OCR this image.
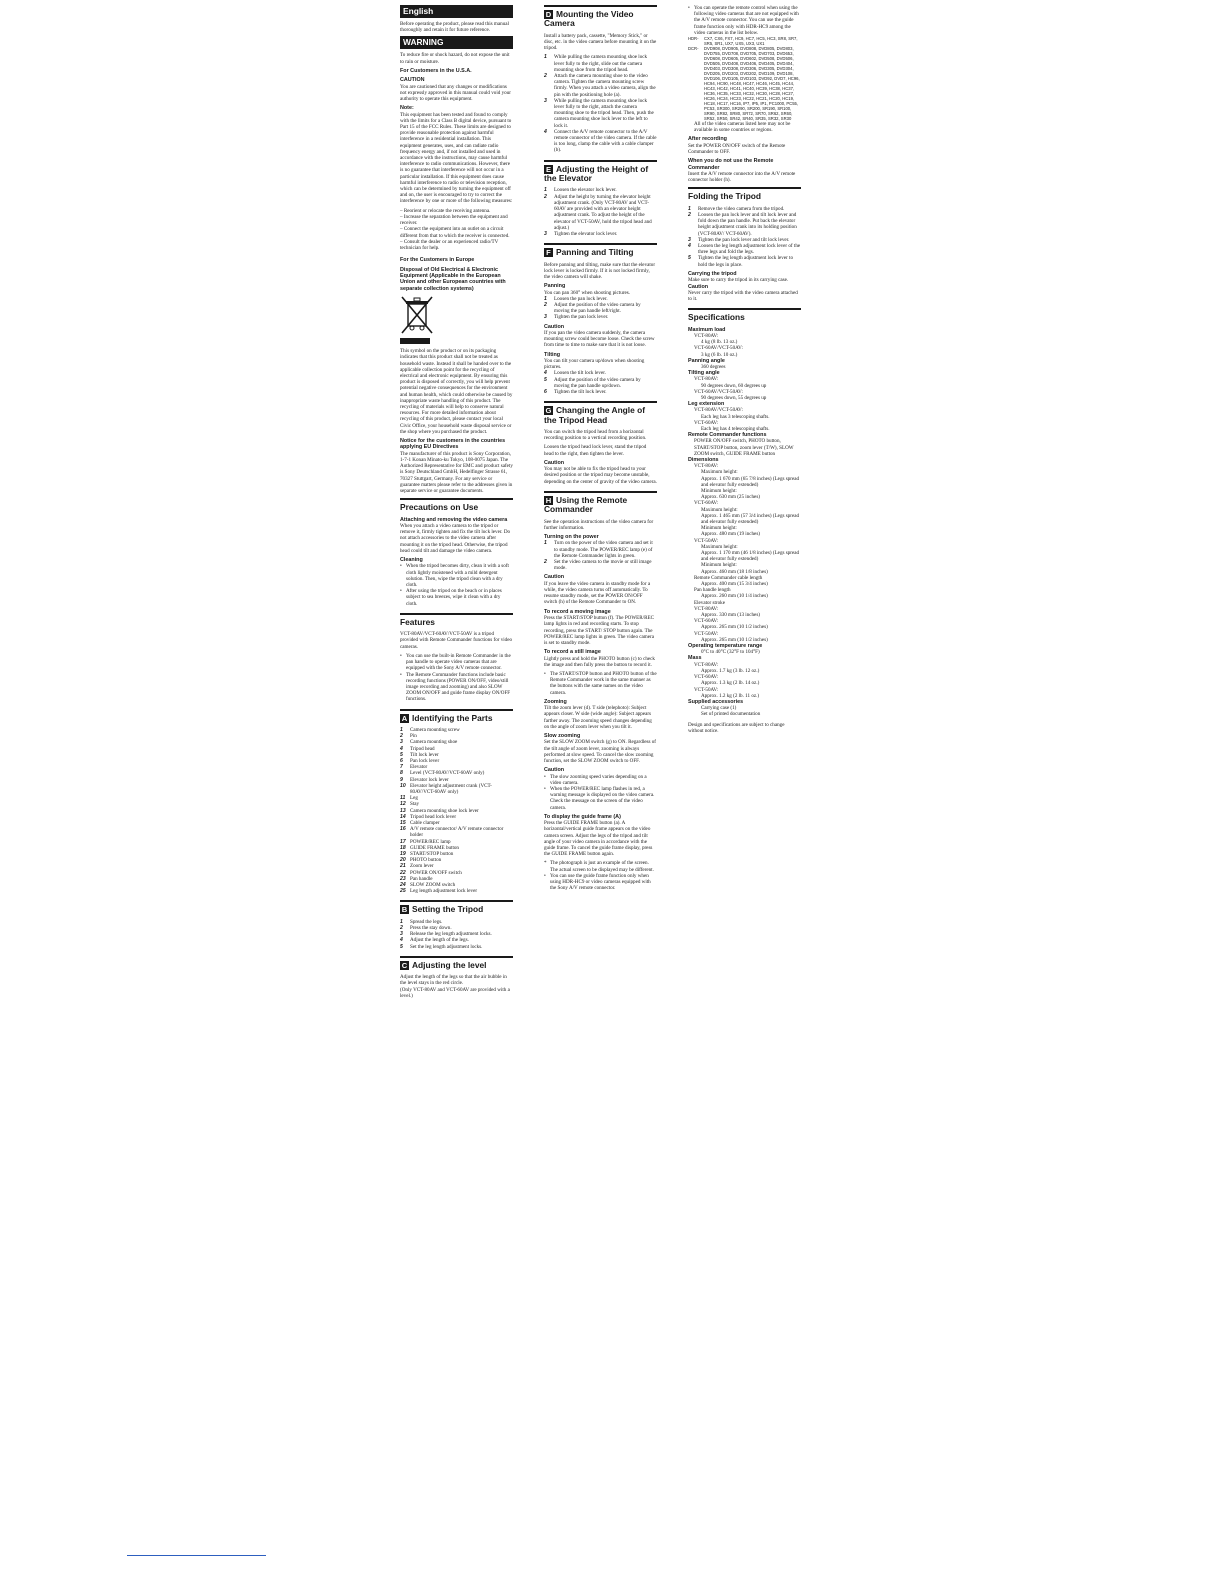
English

Before operating the product, please read this manual thoroughly and retain it for future reference.

WARNING

To reduce fire or shock hazard, do not expose the unit to rain or moisture.

For Customers in the U.S.A.
CAUTION

You are cautioned that any changes or modifications not expressly approved in this manual could void your authority to operate this equipment.

Note:

This equipment has been tested and found to comply with the limits for a Class B digital device, pursuant to Part 15 of the FCC Rules. These limits are designed to provide reasonable protection against harmful interference in a residential installation. This equipment generates, uses, and can radiate radio frequency energy and, if not installed and used in accordance with the instructions, may cause harmful interference to radio communications. However, there is no guarantee that interference will not occur in a particular installation. If this equipment does cause harmful interference to radio or television reception, which can be determined by turning the equipment off and on, the user is encouraged to try to correct the interference by one or more of the following measures:

– Reorient or relocate the receiving antenna.
– Increase the separation between the equipment and receiver.
– Connect the equipment into an outlet on a circuit different from that to which the receiver is connected.
– Consult the dealer or an experienced radio/TV technician for help.
For the Customers in Europe
Disposal of Old Electrical & Electronic Equipment (Applicable in the European Union and other European countries with separate collection systems)

This symbol on the product or on its packaging indicates that this product shall not be treated as household waste. Instead it shall be handed over to the applicable collection point for the recycling of electrical and electronic equipment. By ensuring this product is disposed of correctly, you will help prevent potential negative consequences for the environment and human health, which could otherwise be caused by inappropriate waste handling of this product. The recycling of materials will help to conserve natural resources. For more detailed information about recycling of this product, please contact your local Civic Office, your household waste disposal service or the shop where you purchased the product.

Notice for the customers in the countries applying EU Directives

The manufacturer of this product is Sony Corporation, 1-7-1 Konan Minato-ku Tokyo, 108-0075 Japan. The Authorized Representative for EMC and product safety is Sony Deutschland GmbH, Hedelfinger Strasse 61, 70327 Stuttgart, Germany. For any service or guarantee matters please refer to the addresses given in separate service or guarantee documents.

Precautions on Use
Attaching and removing the video camera

When you attach a video camera to the tripod or remove it, firmly tighten and fix the tilt lock lever. Do not attach accessories to the video camera after mounting it on the tripod head. Otherwise, the tripod head could tilt and damage the video camera.

Cleaning
• When the tripod becomes dirty, clean it with a soft cloth lightly moistened with a mild detergent solution. Then, wipe the tripod clean with a dry cloth.
• After using the tripod on the beach or in places subject to sea breezes, wipe it clean with a dry cloth.
Features

VCT-80AV/VCT-60AV/VCT-50AV is a tripod provided with Remote Commander functions for video cameras.

• You can use the built-in Remote Commander in the pan handle to operate video cameras that are equipped with the Sony A/V remote connector.
• The Remote Commander functions include basic recording functions (POWER ON/OFF, video/still image recording and zooming) and also SLOW ZOOM ON/OFF and guide frame display ON/OFF functions.
A Identifying the Parts
1	Camera mounting screw
2	Pin
3	Camera mounting shoe
4	Tripod head
5	Tilt lock lever
6	Pan lock lever
7	Elevator
8	Level (VCT-80AV/VCT-60AV only)
9	Elevator lock lever
10 Elevator height adjustment crank (VCT-80AV/VCT-60AV only)
11 Leg
12 Stay
13 Camera mounting shoe lock lever
14 Tripod head lock lever
15 Cable clamper
16 A/V remote connector/ A/V remote connector holder
17 POWER/REC lamp
18 GUIDE FRAME button
19 START/STOP button
20 PHOTO button
21 Zoom lever
22 POWER ON/OFF switch
23 Pan handle
24 SLOW ZOOM switch
25 Leg length adjustment lock lever
B Setting the Tripod
1	Spread the legs.
2	Press the stay down.
3	Release the leg length adjustment locks.
4	Adjust the length of the legs.
5	Set the leg length adjustment locks.
C Adjusting the level

Adjust the length of the legs so that the air bubble in the level stays in the red circle.

(Only VCT-80AV and VCT-60AV are provided with a level.)

D Mounting the Video Camera

Install a battery pack, cassette, "Memory Stick," or disc, etc. in the video camera before mounting it on the tripod.

1	While pulling the camera mounting shoe lock lever fully to the right, slide out the camera mounting shoe from the tripod head.
2	Attach the camera mounting shoe to the video camera. Tighten the camera mounting screw firmly. When you attach a video camera, align the pin with the positioning hole (a).
3	While pulling the camera mounting shoe lock lever fully to the right, attach the camera mounting shoe to the tripod head. Then, push the camera mounting shoe lock lever to the left to lock it.
4	Connect the A/V remote connector to the A/V remote connector of the video camera. If the cable is too long, clamp the cable with a cable clamper (b).
E Adjusting the Height of the Elevator
1	Loosen the elevator lock lever.
2	Adjust the height by turning the elevator height adjustment crank. (Only VCT-80AV and VCT-60AV are provided with an elevator height adjustment crank. To adjust the height of the elevator of VCT-50AV, hold the tripod head and adjust.)
3	Tighten the elevator lock lever.
F Panning and Tilting

Before panning and tilting, make sure that the elevator lock lever is locked firmly. If it is not locked firmly, the video camera will shake.

Panning

You can pan 360° when shooting pictures.

1	Loosen the pan lock lever.
2	Adjust the position of the video camera by moving the pan handle left/right.
3	Tighten the pan lock lever.
Caution

If you pan the video camera suddenly, the camera mounting screw could become loose. Check the screw from time to time to make sure that it is not loose.

Tilting

You can tilt your camera up/down when shooting pictures.

4	Loosen the tilt lock lever.
5	Adjust the position of the video camera by moving the pan handle up/down.
6	Tighten the tilt lock lever.
G Changing the Angle of the Tripod Head

You can switch the tripod head from a horizontal recording position to a vertical recording position.

Loosen the tripod head lock lever, stand the tripod head to the right, then tighten the lever.

Caution

You may not be able to fix the tripod head to your desired position or the tripod may become unstable, depending on the center of gravity of the video camera.

H Using the Remote Commander

See the operation instructions of the video camera for further information.

Turning on the power
1	Turn on the power of the video camera and set it to standby mode. The POWER/REC lamp (e) of the Remote Commander lights in green.
2	Set the video camera to the movie or still image mode.
Caution

If you leave the video camera in standby mode for a while, the video camera turns off automatically. To resume standby mode, set the POWER ON/OFF switch (h) of the Remote Commander to ON.

To record a moving image

Press the START/STOP button (f). The POWER/REC lamp lights in red and recording starts. To stop recording, press the START/ STOP button again. The POWER/REC lamp lights in green. The video camera is set to standby mode.

To record a still image

Lightly press and hold the PHOTO button (c) to check the image and then fully press the button to record it.

• The START/STOP button and PHOTO button of the Remote Commander work in the same manner as the buttons with the same names on the video camera.
Zooming

Tilt the zoom lever (d). T side (telephoto): Subject appears closer. W side (wide angle): Subject appears farther away. The zooming speed changes depending on the angle of zoom lever when you tilt it.

Slow zooming

Set the SLOW ZOOM switch (g) to ON. Regardless of the tilt angle of zoom lever, zooming is always performed at slow speed. To cancel the slow zooming function, set the SLOW ZOOM switch to OFF.

Caution
• The slow zooming speed varies depending on a video camera.
• When the POWER/REC lamp flashes in red, a warning message is displayed on the video camera. Check the message on the screen of the video camera.
To display the guide frame (A)

Press the GUIDE FRAME button (a). A horizontal/vertical guide frame appears on the video camera screen. Adjust the legs of the tripod and tilt angle of your video camera in accordance with the guide frame. To cancel the guide frame display, press the GUIDE FRAME button again.

* The photograph is just an example of the screen. The actual screen to be displayed may be different.
• You can use the guide frame function only when using HDR-HC9 or video cameras equipped with the Sony A/V remote connector.
• You can operate the remote control when using the following video cameras that are not equipped with the A/V remote connector. You can use the guide frame function only with HDR-HC9 among the video cameras in the list below.
HDR- CX7, CX6, FX7, HC9, HC7, HC5, HC3, SR8, SR7, SR5, SR1, UX7, UX5, UX3, UX1
DCR- DVD908, DVD905, DVD808, DVD805, DVD803, DVD755, DVD708, DVD705, DVD703, DVD653, DVD608, DVD605, DVD602, DVD508, DVD506, DVD505, DVD408, DVD406, DVD405, DVD404, DVD403, DVD308, DVD306, DVD305, DVD304, DVD205, DVD203, DVD202, DVD109, DVD108, DVD106, DVD105, DVD103, DVD92, DVD7, HC96, HC94, HC90, HC48, HC47, HC46, HC45, HC44, HC43, HC42, HC41, HC40, HC39, HC38, HC37, HC36, HC35, HC33, HC32, HC30, HC28, HC27, HC26, HC24, HC23, HC22, HC21, HC20, HC19, HC18, HC17, HC16, IP7, IP5, IP1, PC1000, PC55, PC53, SR300, SR290, SR200, SR190, SR100, SR90, SR82, SR80, SR72, SR70, SR62, SR60, SR52, SR50, SR42, SR40, SR35, SR32, SR30

All of the video cameras listed here may not be available in some countries or regions.

After recording

Set the POWER ON/OFF switch of the Remote Commander to OFF.

When you do not use the Remote Commander

Insert the A/V remote connector into the A/V remote connector holder (h).

Folding the Tripod
1	Remove the video camera from the tripod.
2	Loosen the pan lock lever and tilt lock lever and fold down the pan handle. Put back the elevator height adjustment crank into its holding position (VCT-80AV/ VCT-60AV).
3	Tighten the pan lock lever and tilt lock lever.
4	Loosen the leg length adjustment lock lever of the three legs and fold the legs.
5	Tighten the leg length adjustment lock lever to hold the legs in place.
Carrying the tripod

Make sure to carry the tripod in its carrying case.

Caution

Never carry the tripod with the video camera attached to it.

Specifications
Maximum load
VCT-80AV:
4 kg (8 lb. 13 oz.)
VCT-60AV/VCT-50AV:
3 kg (6 lb. 10 oz.)
Panning angle
360 degrees
Tilting angle
VCT-80AV:
90 degrees down, 60 degrees up
VCT-60AV/VCT-50AV:
90 degrees down, 55 degrees up
Leg extension
VCT-80AV/VCT-50AV:
Each leg has 3 telescoping shafts.
VCT-60AV:
Each leg has 4 telescoping shafts.
Remote Commander functions
POWER ON/OFF switch, PHOTO button, START/STOP button, zoom lever (T/W), SLOW ZOOM switch, GUIDE FRAME button
Dimensions
VCT-80AV:
Maximum height:
Approx. 1 670 mm (65 7/8 inches) (Legs spread and elevator fully extended)
Minimum height:
Approx. 630 mm (25 inches)
VCT-60AV:
Maximum height:
Approx. 1 465 mm (57 3/4 inches) (Legs spread and elevator fully extended)
Minimum height:
Approx. 480 mm (19 inches)
VCT-50AV:
Maximum height:
Approx. 1 170 mm (46 1/8 inches) (Legs spread and elevator fully extended)
Minimum height:
Approx. 460 mm (18 1/8 inches)
Remote Commander cable length
Approx. 400 mm (15 3/4 inches)
Pan handle length
Approx. 260 mm (10 1/4 inches)
Elevator stroke
VCT-80AV:
Approx. 330 mm (13 inches)
VCT-60AV:
Approx. 265 mm (10 1/2 inches)
VCT-50AV:
Approx. 265 mm (10 1/2 inches)
Operating temperature range
0°C to 40°C (32°F to 104°F)
Mass
VCT-80AV:
Approx. 1.7 kg (3 lb. 12 oz.)
VCT-60AV:
Approx. 1.3 kg (2 lb. 14 oz.)
VCT-50AV:
Approx. 1.2 kg (2 lb. 11 oz.)
Supplied accessories
Carrying case (1)
Set of printed documentation

Design and specifications are subject to change without notice.
